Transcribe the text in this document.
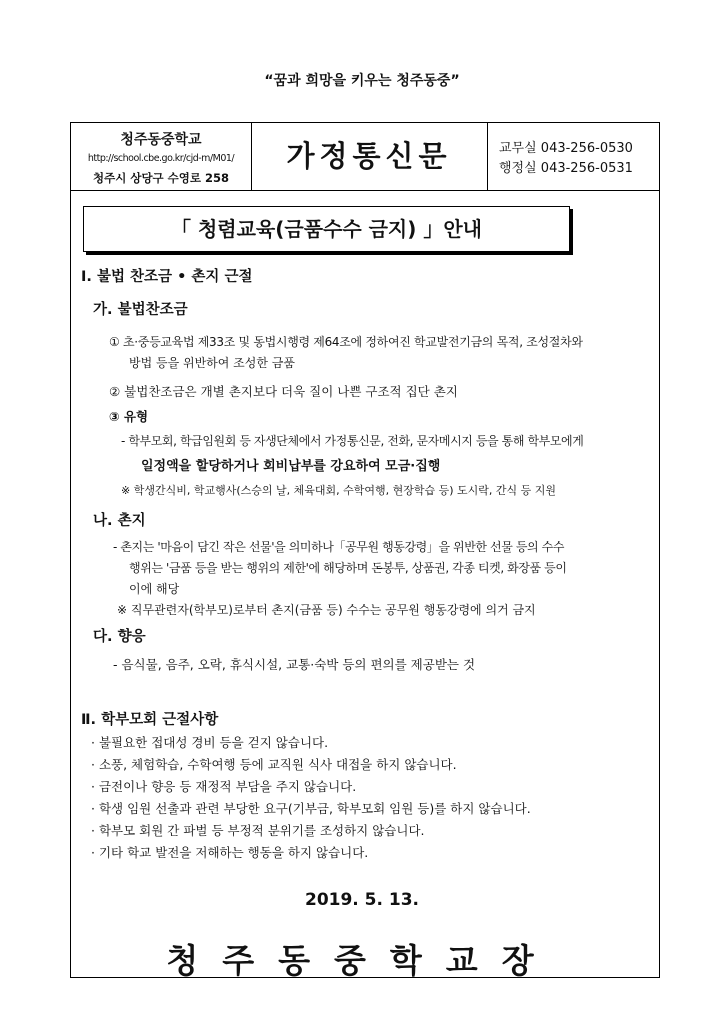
“꿈과 희망을 키우는 청주동중”
청주동중학교
http://school.cbe.go.kr/cjd-m/M01/
청주시 상당구 수영로 258
가정통신문	교무실 043-256-0530
행정실 043-256-0531
「 청렴교육(금품수수 금지) 」안내
Ⅰ. 불법 찬조금 • 촌지 근절
가. 불법찬조금
① 초·중등교육법 제33조 및 동법시행령 제64조에 정하여진 학교발전기금의 목적, 조성절차와
방법 등을 위반하여 조성한 금품
② 불법찬조금은 개별 촌지보다 더욱 질이 나쁜 구조적 집단 촌지
③ 유형
- 학부모회, 학급임원회 등 자생단체에서 가정통신문, 전화, 문자메시지 등을 통해 학부모에게
일정액을 할당하거나 회비납부를 강요하여 모금·집행
※ 학생간식비, 학교행사(스승의 날, 체육대회, 수학여행, 현장학습 등) 도시락, 간식 등 지원
나. 촌지
- 촌지는 '마음이 담긴 작은 선물'을 의미하나「공무원 행동강령」을 위반한 선물 등의 수수
행위는 '금품 등을 받는 행위의 제한'에 해당하며 돈봉투, 상품권, 각종 티켓, 화장품 등이
이에 해당
※ 직무관련자(학부모)로부터 촌지(금품 등) 수수는 공무원 행동강령에 의거 금지
다. 향응
- 음식물, 음주, 오락, 휴식시설, 교통·숙박 등의 편의를 제공받는 것
Ⅱ. 학부모회 근절사항
· 불필요한 접대성 경비 등을 걷지 않습니다.
· 소풍, 체험학습, 수학여행 등에 교직원 식사 대접을 하지 않습니다.
· 금전이나 향응 등 재정적 부담을 주지 않습니다.
· 학생 임원 선출과 관련 부당한 요구(기부금, 학부모회 임원 등)를 하지 않습니다.
· 학부모 회원 간 파벌 등 부정적 분위기를 조성하지 않습니다.
· 기타 학교 발전을 저해하는 행동을 하지 않습니다.
2019. 5. 13.
청주동중학교장
